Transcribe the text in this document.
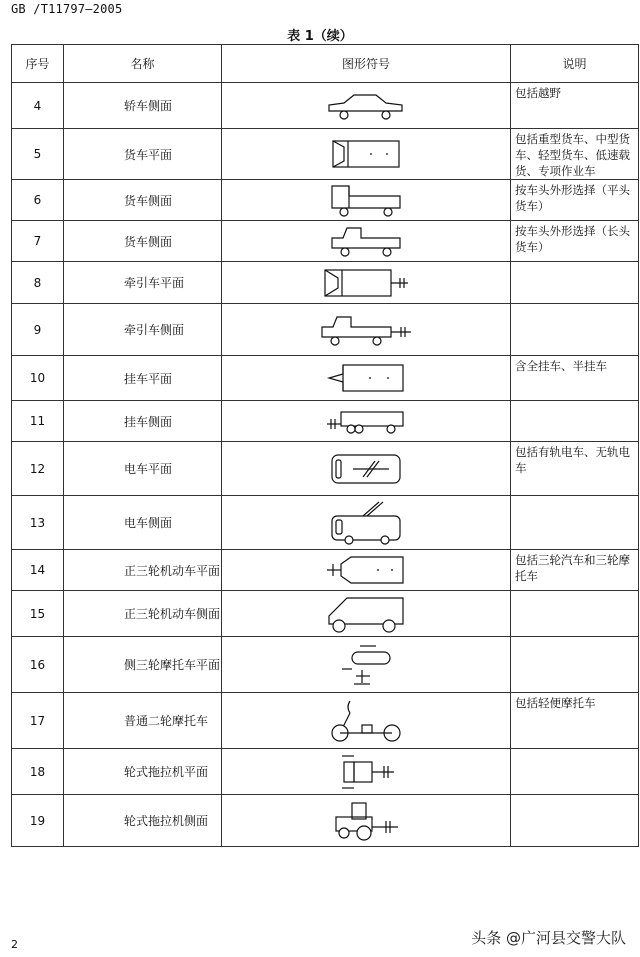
GB /T11797—2005
表 1（续）
序号	名称	图形符号	说明
4	轿车侧面		包括越野
5	货车平面		包括重型货车、中型货车、轻型货车、低速载货、专项作业车
6	货车侧面		按车头外形选择（平头货车）
7	货车侧面		按车头外形选择（长头货车）
8	牵引车平面	

9	牵引车侧面	

10	挂车平面		含全挂车、半挂车
11	挂车侧面	

12	电车平面		包括有轨电车、无轨电车
13	电车侧面	

14	正三轮机动车平面		包括三轮汽车和三轮摩托车
15	正三轮机动车侧面	

16	侧三轮摩托车平面	

17	普通二轮摩托车		包括轻便摩托车
18	轮式拖拉机平面	

19	轮式拖拉机侧面	

2	头条 @广河县交警大队
